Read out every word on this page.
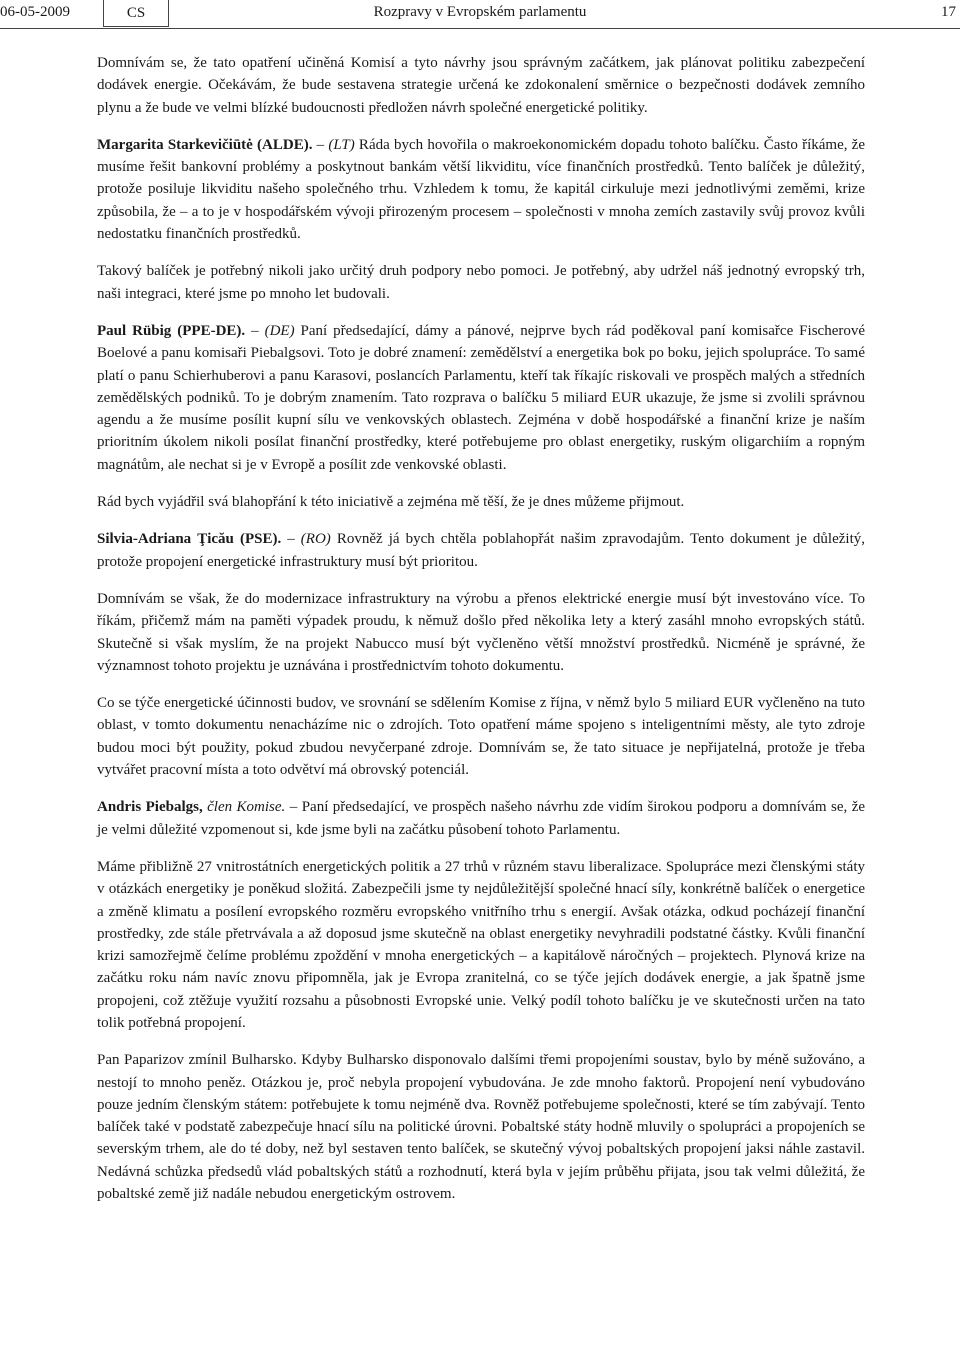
06-05-2009	CS	Rozpravy v Evropském parlamentu	17

Domnívám se, že tato opatření učiněná Komisí a tyto návrhy jsou správným začátkem, jak plánovat politiku zabezpečení dodávek energie. Očekávám, že bude sestavena strategie určená ke zdokonalení směrnice o bezpečnosti dodávek zemního plynu a že bude ve velmi blízké budoucnosti předložen návrh společné energetické politiky.

Margarita Starkevičiūtė (ALDE). – (LT) Ráda bych hovořila o makroekonomickém dopadu tohoto balíčku. Často říkáme, že musíme řešit bankovní problémy a poskytnout bankám větší likviditu, více finančních prostředků. Tento balíček je důležitý, protože posiluje likviditu našeho společného trhu. Vzhledem k tomu, že kapitál cirkuluje mezi jednotlivými zeměmi, krize způsobila, že – a to je v hospodářském vývoji přirozeným procesem – společnosti v mnoha zemích zastavily svůj provoz kvůli nedostatku finančních prostředků.

Takový balíček je potřebný nikoli jako určitý druh podpory nebo pomoci. Je potřebný, aby udržel náš jednotný evropský trh, naši integraci, které jsme po mnoho let budovali.

Paul Rübig (PPE-DE). – (DE) Paní předsedající, dámy a pánové, nejprve bych rád poděkoval paní komisařce Fischerové Boelové a panu komisaři Piebalgsovi. Toto je dobré znamení: zemědělství a energetika bok po boku, jejich spolupráce. To samé platí o panu Schierhuberovi a panu Karasovi, poslancích Parlamentu, kteří tak říkajíc riskovali ve prospěch malých a středních zemědělských podniků. To je dobrým znamením. Tato rozprava o balíčku 5 miliard EUR ukazuje, že jsme si zvolili správnou agendu a že musíme posílit kupní sílu ve venkovských oblastech. Zejména v době hospodářské a finanční krize je naším prioritním úkolem nikoli posílat finanční prostředky, které potřebujeme pro oblast energetiky, ruským oligarchiím a ropným magnátům, ale nechat si je v Evropě a posílit zde venkovské oblasti.

Rád bych vyjádřil svá blahopřání k této iniciativě a zejména mě těší, že je dnes můžeme přijmout.

Silvia-Adriana Ţicău (PSE). – (RO) Rovněž já bych chtěla poblahopřát našim zpravodajům. Tento dokument je důležitý, protože propojení energetické infrastruktury musí být prioritou.

Domnívám se však, že do modernizace infrastruktury na výrobu a přenos elektrické energie musí být investováno více. To říkám, přičemž mám na paměti výpadek proudu, k němuž došlo před několika lety a který zasáhl mnoho evropských států. Skutečně si však myslím, že na projekt Nabucco musí být vyčleněno větší množství prostředků. Nicméně je správné, že významnost tohoto projektu je uznávána i prostřednictvím tohoto dokumentu.

Co se týče energetické účinnosti budov, ve srovnání se sdělením Komise z října, v němž bylo 5 miliard EUR vyčleněno na tuto oblast, v tomto dokumentu nenacházíme nic o zdrojích. Toto opatření máme spojeno s inteligentními městy, ale tyto zdroje budou moci být použity, pokud zbudou nevyčerpané zdroje. Domnívám se, že tato situace je nepřijatelná, protože je třeba vytvářet pracovní místa a toto odvětví má obrovský potenciál.

Andris Piebalgs, člen Komise. – Paní předsedající, ve prospěch našeho návrhu zde vidím širokou podporu a domnívám se, že je velmi důležité vzpomenout si, kde jsme byli na začátku působení tohoto Parlamentu.

Máme přibližně 27 vnitrostátních energetických politik a 27 trhů v různém stavu liberalizace. Spolupráce mezi členskými státy v otázkách energetiky je poněkud složitá. Zabezpečili jsme ty nejdůležitější společné hnací síly, konkrétně balíček o energetice a změně klimatu a posílení evropského rozměru evropského vnitřního trhu s energií. Avšak otázka, odkud pocházejí finanční prostředky, zde stále přetrvávala a až doposud jsme skutečně na oblast energetiky nevyhradili podstatné částky. Kvůli finanční krizi samozřejmě čelíme problému zpoždění v mnoha energetických – a kapitálově náročných – projektech. Plynová krize na začátku roku nám navíc znovu připomněla, jak je Evropa zranitelná, co se týče jejích dodávek energie, a jak špatně jsme propojeni, což ztěžuje využití rozsahu a působnosti Evropské unie. Velký podíl tohoto balíčku je ve skutečnosti určen na tato tolik potřebná propojení.

Pan Paparizov zmínil Bulharsko. Kdyby Bulharsko disponovalo dalšími třemi propojeními soustav, bylo by méně sužováno, a nestojí to mnoho peněz. Otázkou je, proč nebyla propojení vybudována. Je zde mnoho faktorů. Propojení není vybudováno pouze jedním členským státem: potřebujete k tomu nejméně dva. Rovněž potřebujeme společnosti, které se tím zabývají. Tento balíček také v podstatě zabezpečuje hnací sílu na politické úrovni. Pobaltské státy hodně mluvily o spolupráci a propojeních se severským trhem, ale do té doby, než byl sestaven tento balíček, se skutečný vývoj pobaltských propojení jaksi náhle zastavil. Nedávná schůzka předsedů vlád pobaltských států a rozhodnutí, která byla v jejím průběhu přijata, jsou tak velmi důležitá, že pobaltské země již nadále nebudou energetickým ostrovem.
